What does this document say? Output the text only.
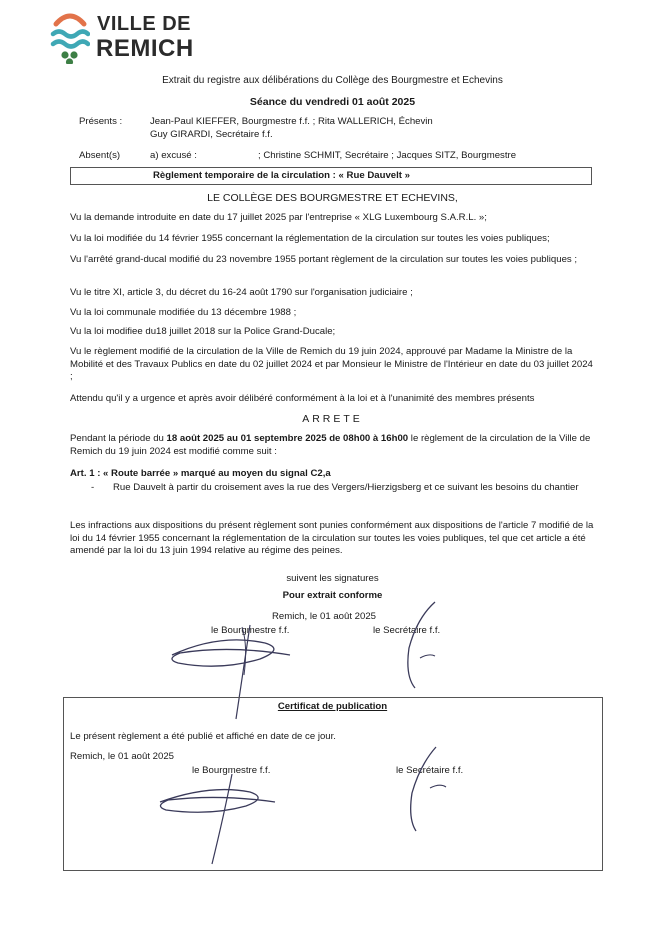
VILLE DE
REMICH
Extrait du registre aux délibérations du Collège des Bourgmestre et Echevins
Séance du vendredi 01 août 2025
Présents :	Jean-Paul KIEFFER, Bourgmestre f.f. ; Rita WALLERICH, Échevin
Guy GIRARDI, Secrétaire f.f.
Absent(s)	a) excusé :	; Christine SCHMIT, Secrétaire ; Jacques SITZ, Bourgmestre
Règlement temporaire de la circulation : « Rue Dauvelt »
LE COLLÈGE DES BOURGMESTRE ET ECHEVINS,
Vu la demande introduite en date du 17 juillet 2025 par l'entreprise « XLG Luxembourg S.A.R.L. »;
Vu la loi modifiée du 14 février 1955 concernant la réglementation de la circulation sur toutes les voies publiques;
Vu l'arrêté grand-ducal modifié du 23 novembre 1955 portant règlement de la circulation sur toutes les voies publiques ;
Vu le titre XI, article 3, du décret du 16-24 août 1790 sur l'organisation judiciaire ;
Vu la loi communale modifiée du 13 décembre 1988 ;
Vu la loi modifiee du18 juillet 2018 sur la Police Grand-Ducale;
Vu le règlement modifié de la circulation de la Ville de Remich du 19 juin 2024, approuvé par Madame la Ministre de la Mobilité et des Travaux Publics en date du 02 juillet 2024 et par Monsieur le Ministre de l'Intérieur en date du 03 juillet 2024 ;
Attendu qu'il y a urgence et après avoir délibéré conformément à la loi et à l'unanimité des membres présents
ARRETE
Pendant la période du 18 août 2025 au 01 septembre 2025 de 08h00 à 16h00 le règlement de la circulation de la Ville de Remich du 19 juin 2024 est modifié comme suit :
Art. 1 : « Route barrée » marqué au moyen du signal C2,a
- Rue Dauvelt à partir du croisement aves la rue des Vergers/Hierzigsberg et ce suivant les besoins du chantier
Les infractions aux dispositions du présent règlement sont punies conformément aux dispositions de l'article 7 modifié de la loi du 14 février 1955 concernant la réglementation de la circulation sur toutes les voies publiques, tel que cet article a été amendé par la loi du 13 juin 1994 relative au régime des peines.
suivent les signatures
Pour extrait conforme
Remich, le 01 août 2025
le Bourgmestre f.f.	le Secrétaire f.f.
Certificat de publication
Le présent règlement a été publié et affiché en date de ce jour.
Remich, le 01 août 2025
le Bourgmestre f.f.	le Secrétaire f.f.
